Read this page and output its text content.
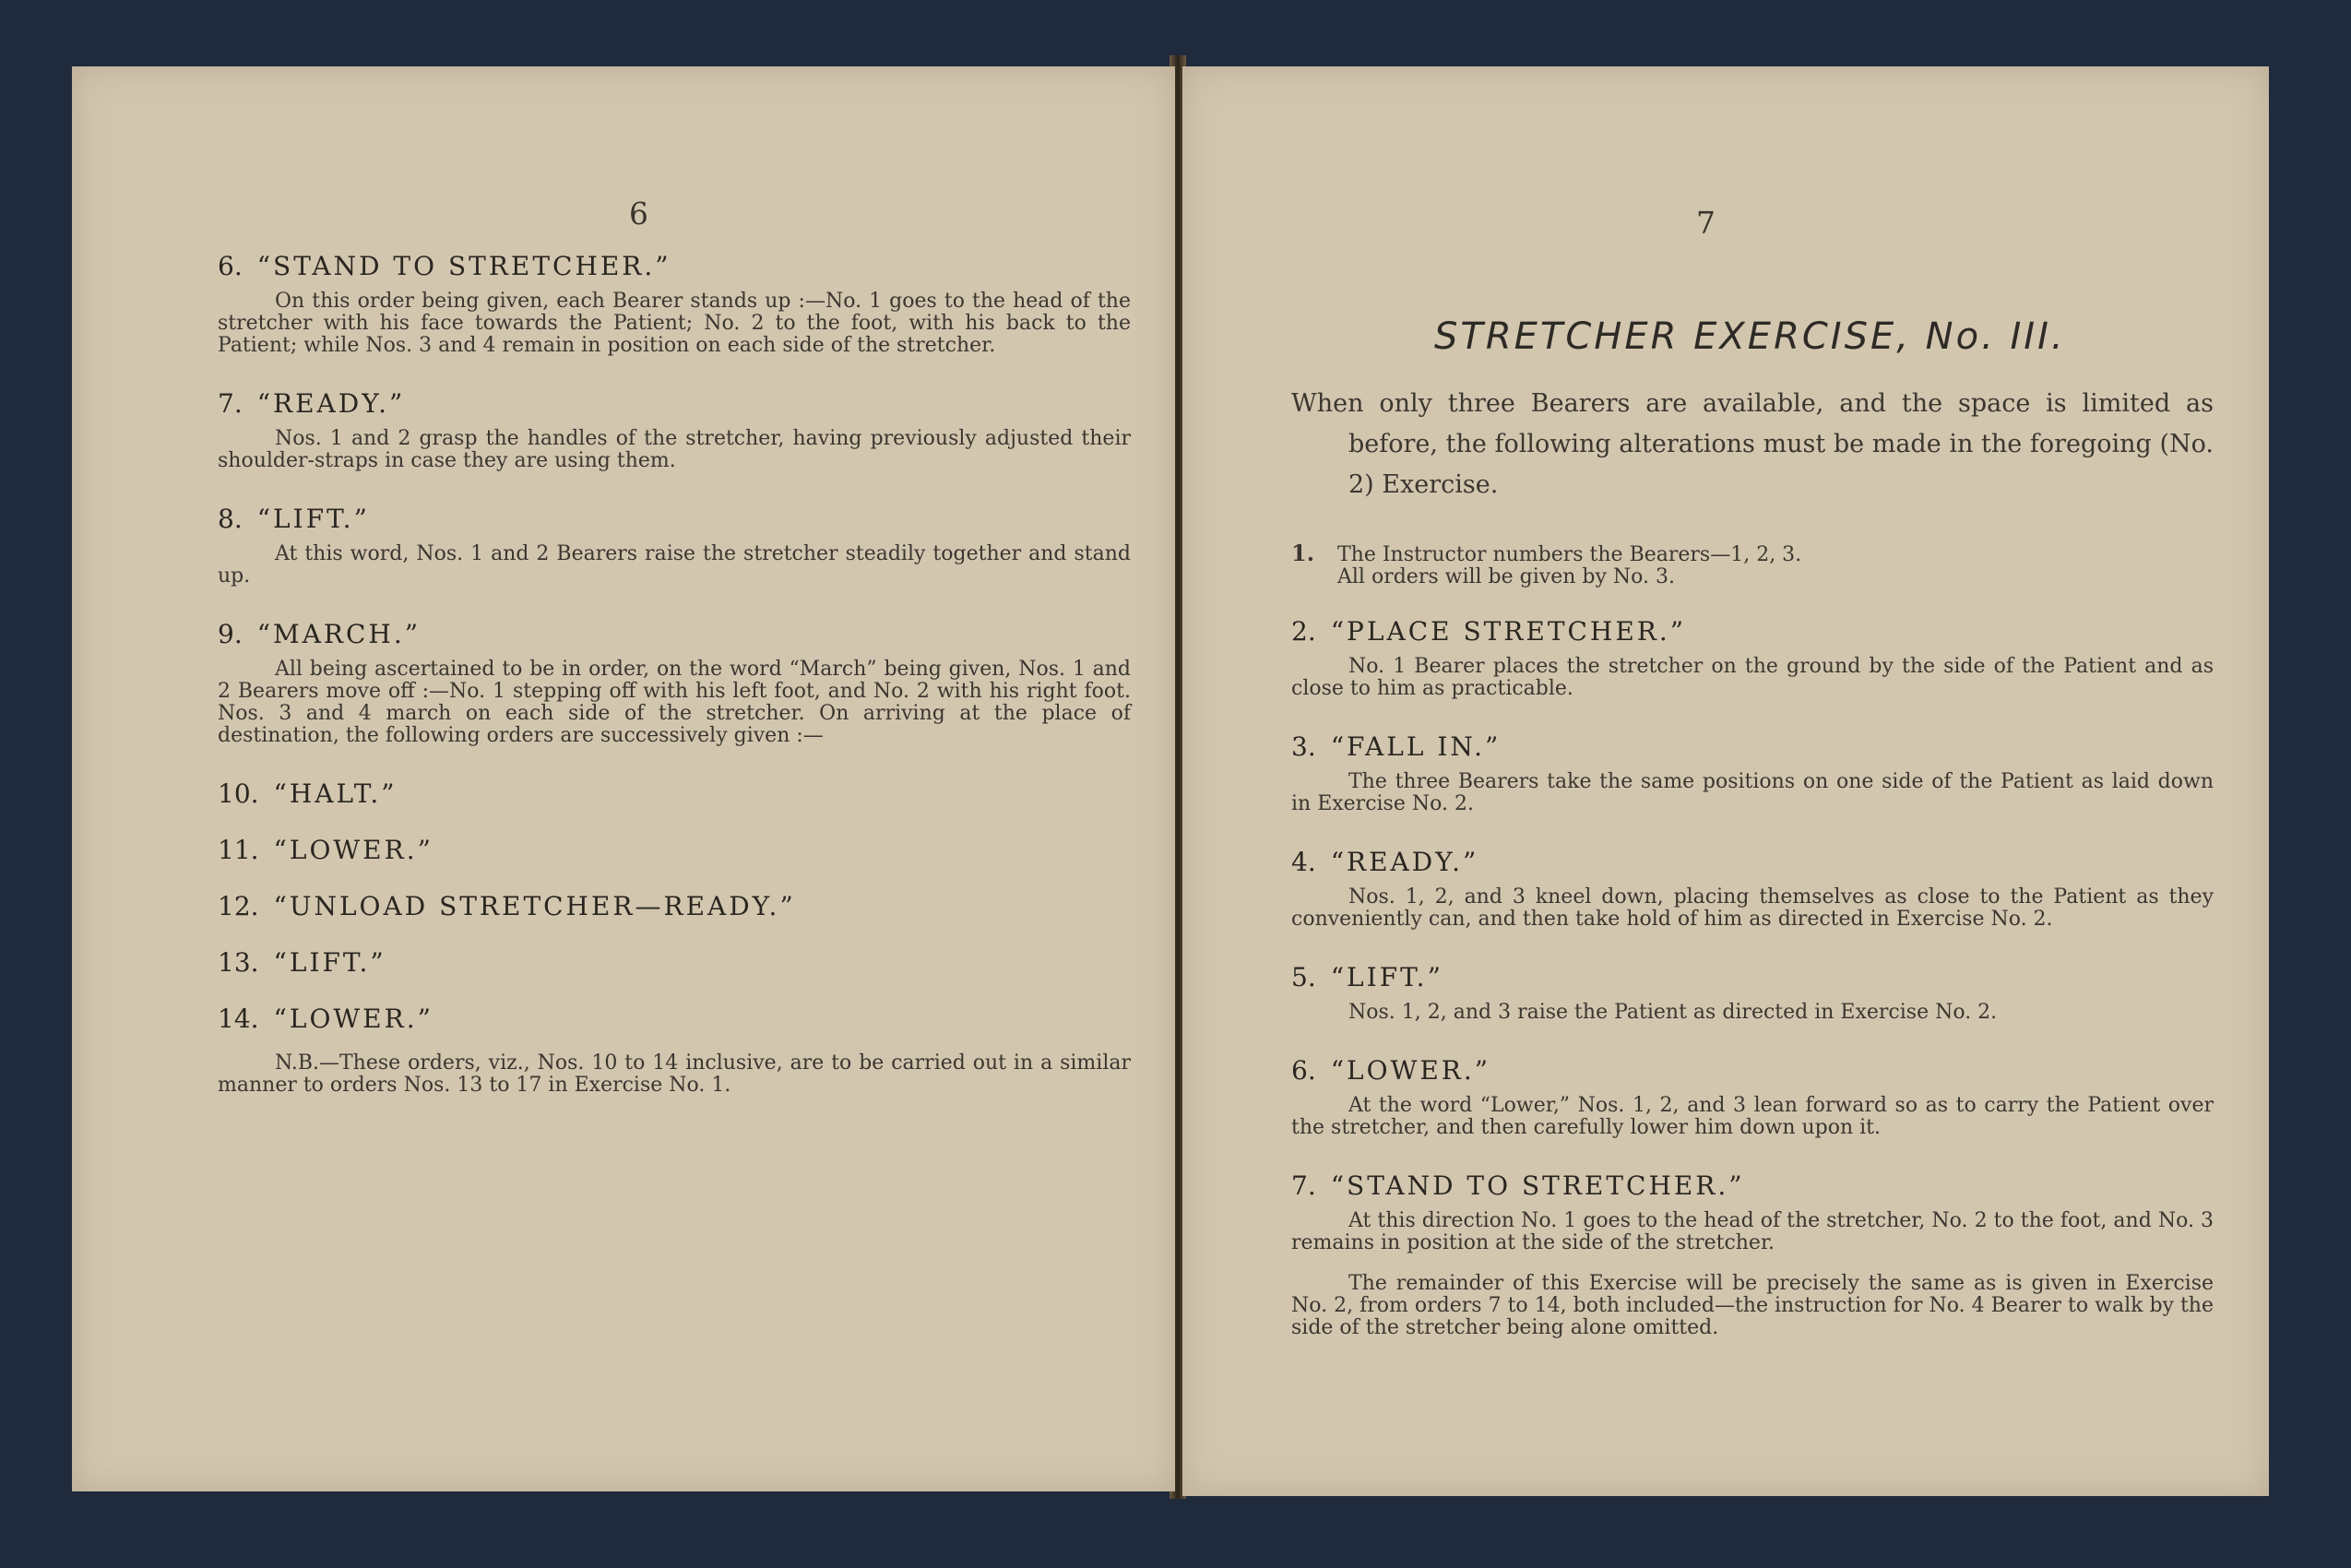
6
6. “STAND TO STRETCHER.”
On this order being given, each Bearer stands up :—No. 1 goes to the head of the stretcher with his face towards the Patient; No. 2 to the foot, with his back to the Patient; while Nos. 3 and 4 remain in position on each side of the stretcher.
7. “READY.”
Nos. 1 and 2 grasp the handles of the stretcher, having previously adjusted their shoulder-straps in case they are using them.
8. “LIFT.”
At this word, Nos. 1 and 2 Bearers raise the stretcher steadily together and stand up.
9. “MARCH.”
All being ascertained to be in order, on the word “March” being given, Nos. 1 and 2 Bearers move off :—No. 1 stepping off with his left foot, and No. 2 with his right foot. Nos. 3 and 4 march on each side of the stretcher. On arriving at the place of destination, the following orders are successively given :—
10. “HALT.”
11. “LOWER.”
12. “UNLOAD STRETCHER—READY.”
13. “LIFT.”
14. “LOWER.”
N.B.—These orders, viz., Nos. 10 to 14 inclusive, are to be carried out in a similar manner to orders Nos. 13 to 17 in Exercise No. 1.
7
STRETCHER EXERCISE, No. III.
When only three Bearers are available, and the space is limited as before, the following alterations must be made in the foregoing (No. 2) Exercise.
1. The Instructor numbers the Bearers—1, 2, 3.
All orders will be given by No. 3.
2. “PLACE STRETCHER.”
No. 1 Bearer places the stretcher on the ground by the side of the Patient and as close to him as practicable.
3. “FALL IN.”
The three Bearers take the same positions on one side of the Patient as laid down in Exercise No. 2.
4. “READY.”
Nos. 1, 2, and 3 kneel down, placing themselves as close to the Patient as they conveniently can, and then take hold of him as directed in Exercise No. 2.
5. “LIFT.”
Nos. 1, 2, and 3 raise the Patient as directed in Exercise No. 2.
6. “LOWER.”
At the word “Lower,” Nos. 1, 2, and 3 lean forward so as to carry the Patient over the stretcher, and then carefully lower him down upon it.
7. “STAND TO STRETCHER.”
At this direction No. 1 goes to the head of the stretcher, No. 2 to the foot, and No. 3 remains in position at the side of the stretcher.
The remainder of this Exercise will be precisely the same as is given in Exercise No. 2, from orders 7 to 14, both included—the instruction for No. 4 Bearer to walk by the side of the stretcher being alone omitted.
